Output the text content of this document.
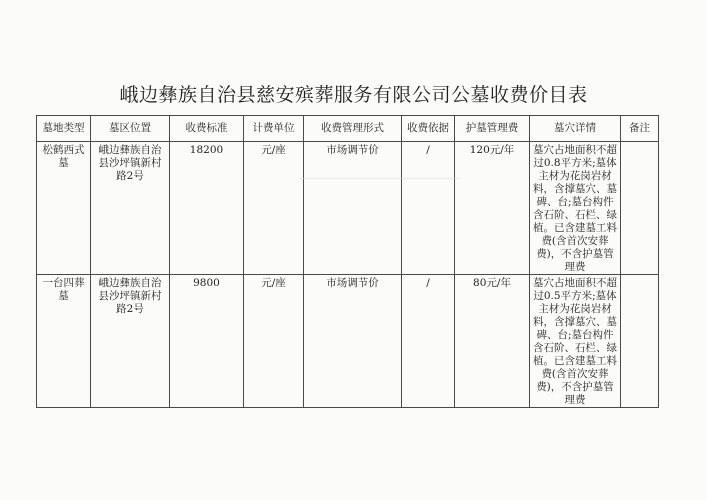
峨边彝族自治县慈安殡葬服务有限公司公墓收费价目表
墓地类型	墓区位置	收费标准	计费单位	收费管理形式	收费依据	护墓管理费	墓穴详情	备注
松鹤西式墓	峨边彝族自治县沙坪镇新村路2号	18200	元/座	市场调节价	/	120元/年	墓穴占地面积不超过0.8平方米;墓体主材为花岗岩材料，含撑墓穴、墓碑、台;墓台构件含石阶、石栏、绿植。已含建墓工料费(含首次安葬费)，不含护墓管理费	
一台四葬墓	峨边彝族自治县沙坪镇新村路2号	9800	元/座	市场调节价	/	80元/年	墓穴占地面积不超过0.5平方米;墓体主材为花岗岩材料，含撑墓穴、墓碑、台;墓台构件含石阶、石栏、绿植。已含建墓工料费(含首次安葬费)，不含护墓管理费	
